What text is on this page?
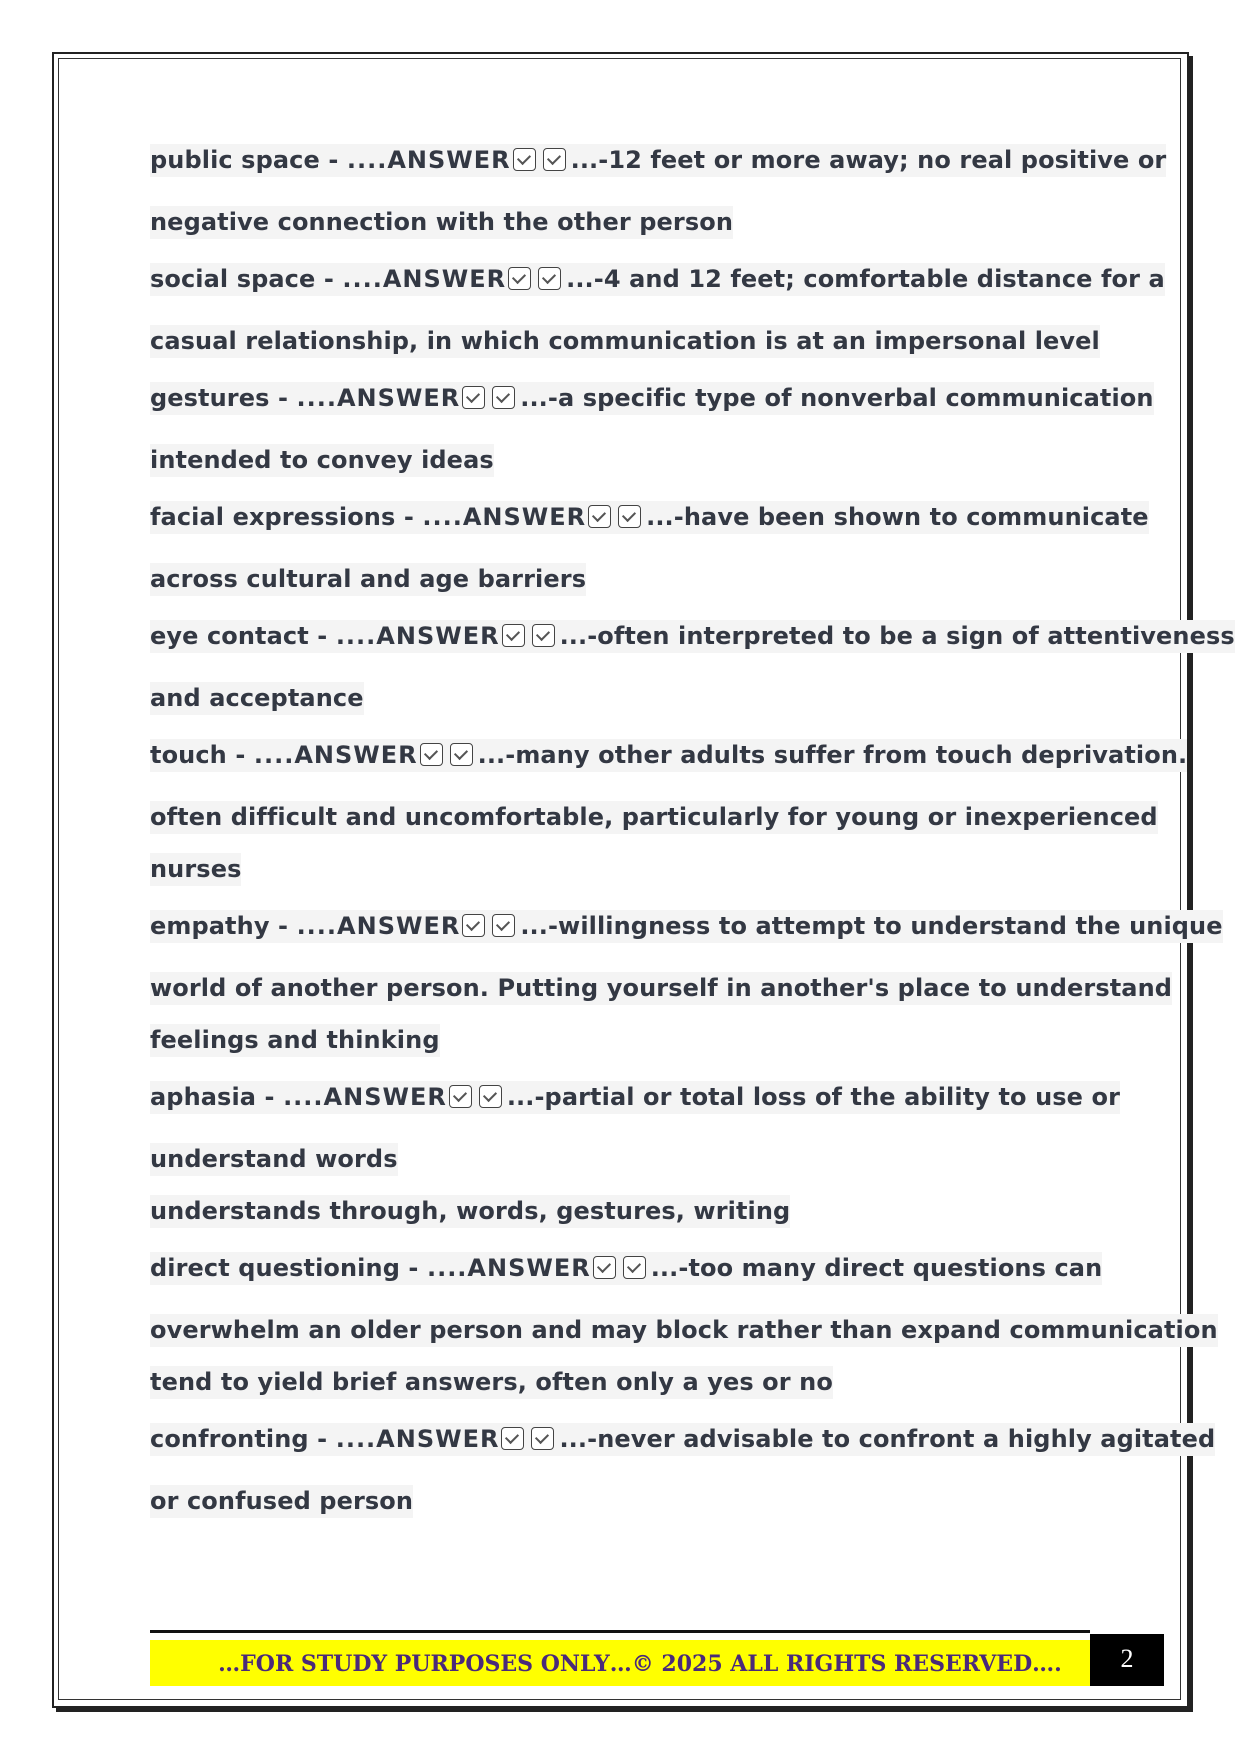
public space - ....ANSWER	...-12 feet or more away; no real positive or
negative connection with the other person
social space - ....ANSWER	...-4 and 12 feet; comfortable distance for a
casual relationship, in which communication is at an impersonal level
gestures - ....ANSWER	...-a specific type of nonverbal communication
intended to convey ideas
facial expressions - ....ANSWER	...-have been shown to communicate
across cultural and age barriers
eye contact - ....ANSWER	...-often interpreted to be a sign of attentiveness
and acceptance
touch - ....ANSWER	...-many other adults suffer from touch deprivation.
often difficult and uncomfortable, particularly for young or inexperienced
nurses
empathy - ....ANSWER	...-willingness to attempt to understand the unique
world of another person. Putting yourself in another's place to understand
feelings and thinking
aphasia - ....ANSWER	...-partial or total loss of the ability to use or
understand words
understands through, words, gestures, writing
direct questioning - ....ANSWER	...-too many direct questions can
overwhelm an older person and may block rather than expand communication
tend to yield brief answers, often only a yes or no
confronting - ....ANSWER	...-never advisable to confront a highly agitated
or confused person
…FOR STUDY PURPOSES ONLY…© 2025 ALL RIGHTS RESERVED….	2
